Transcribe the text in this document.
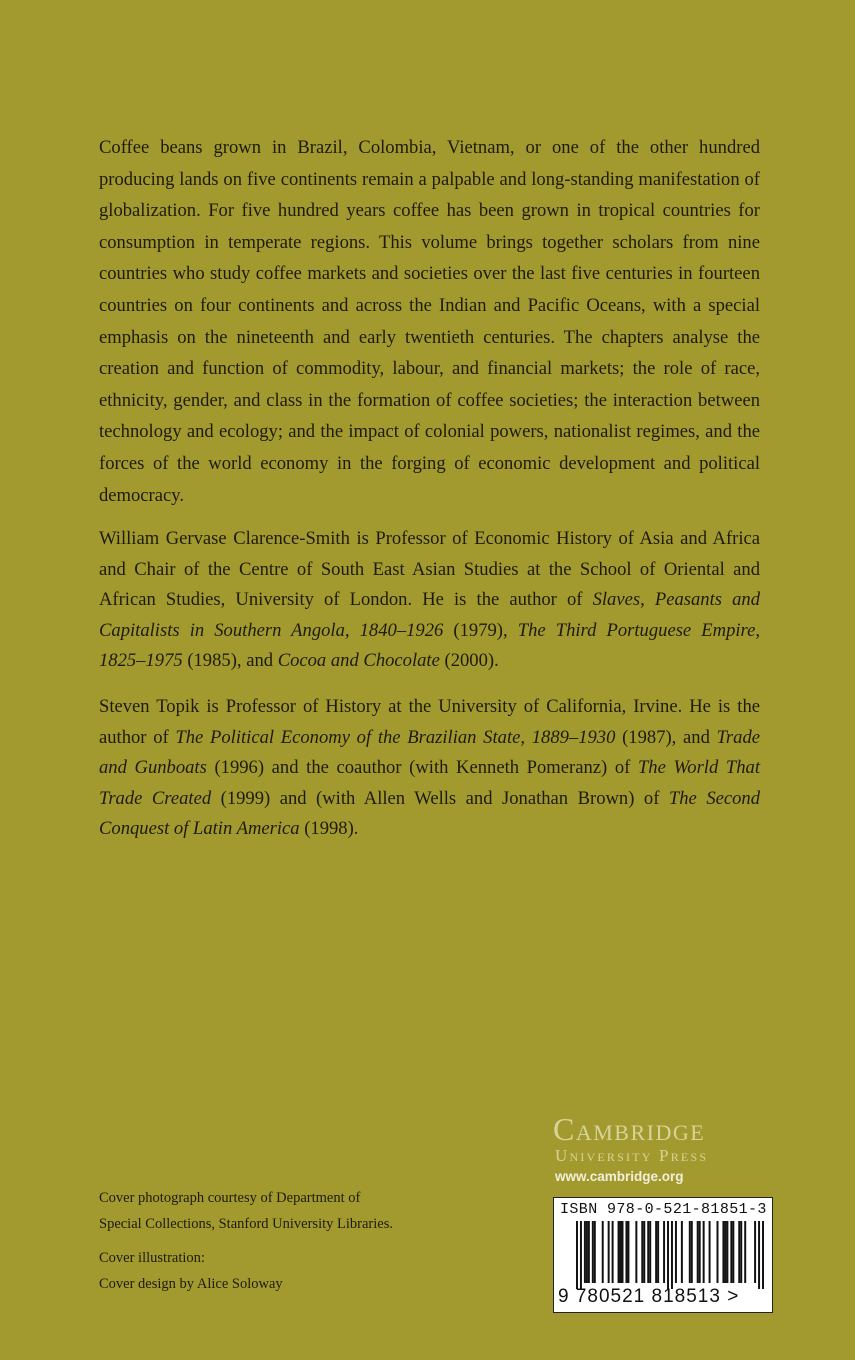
Coffee beans grown in Brazil, Colombia, Vietnam, or one of the other hundred producing lands on five continents remain a palpable and long-standing manifestation of globalization. For five hundred years coffee has been grown in tropical countries for consumption in temperate regions. This volume brings together scholars from nine countries who study coffee markets and societies over the last five centuries in fourteen countries on four continents and across the Indian and Pacific Oceans, with a special emphasis on the nineteenth and early twentieth centuries. The chapters analyse the creation and function of commodity, labour, and financial markets; the role of race, ethnicity, gender, and class in the formation of coffee societies; the interaction between technology and ecology; and the impact of colonial powers, nationalist regimes, and the forces of the world economy in the forging of economic development and political democracy.

William Gervase Clarence-Smith is Professor of Economic History of Asia and Africa and Chair of the Centre of South East Asian Studies at the School of Oriental and African Studies, University of London. He is the author of Slaves, Peasants and Capitalists in Southern Angola, 1840–1926 (1979), The Third Portuguese Empire, 1825–1975 (1985), and Cocoa and Chocolate (2000).

Steven Topik is Professor of History at the University of California, Irvine. He is the author of The Political Economy of the Brazilian State, 1889–1930 (1987), and Trade and Gunboats (1996) and the coauthor (with Kenneth Pomeranz) of The World That Trade Created (1999) and (with Allen Wells and Jonathan Brown) of The Second Conquest of Latin America (1998).

Cambridge
University Press
www.cambridge.org
ISBN 978-0-521-81851-3
9 780521 818513 >

Cover photograph courtesy of Department of Special Collections, Stanford University Libraries.

Cover illustration:

Cover design by Alice Soloway
